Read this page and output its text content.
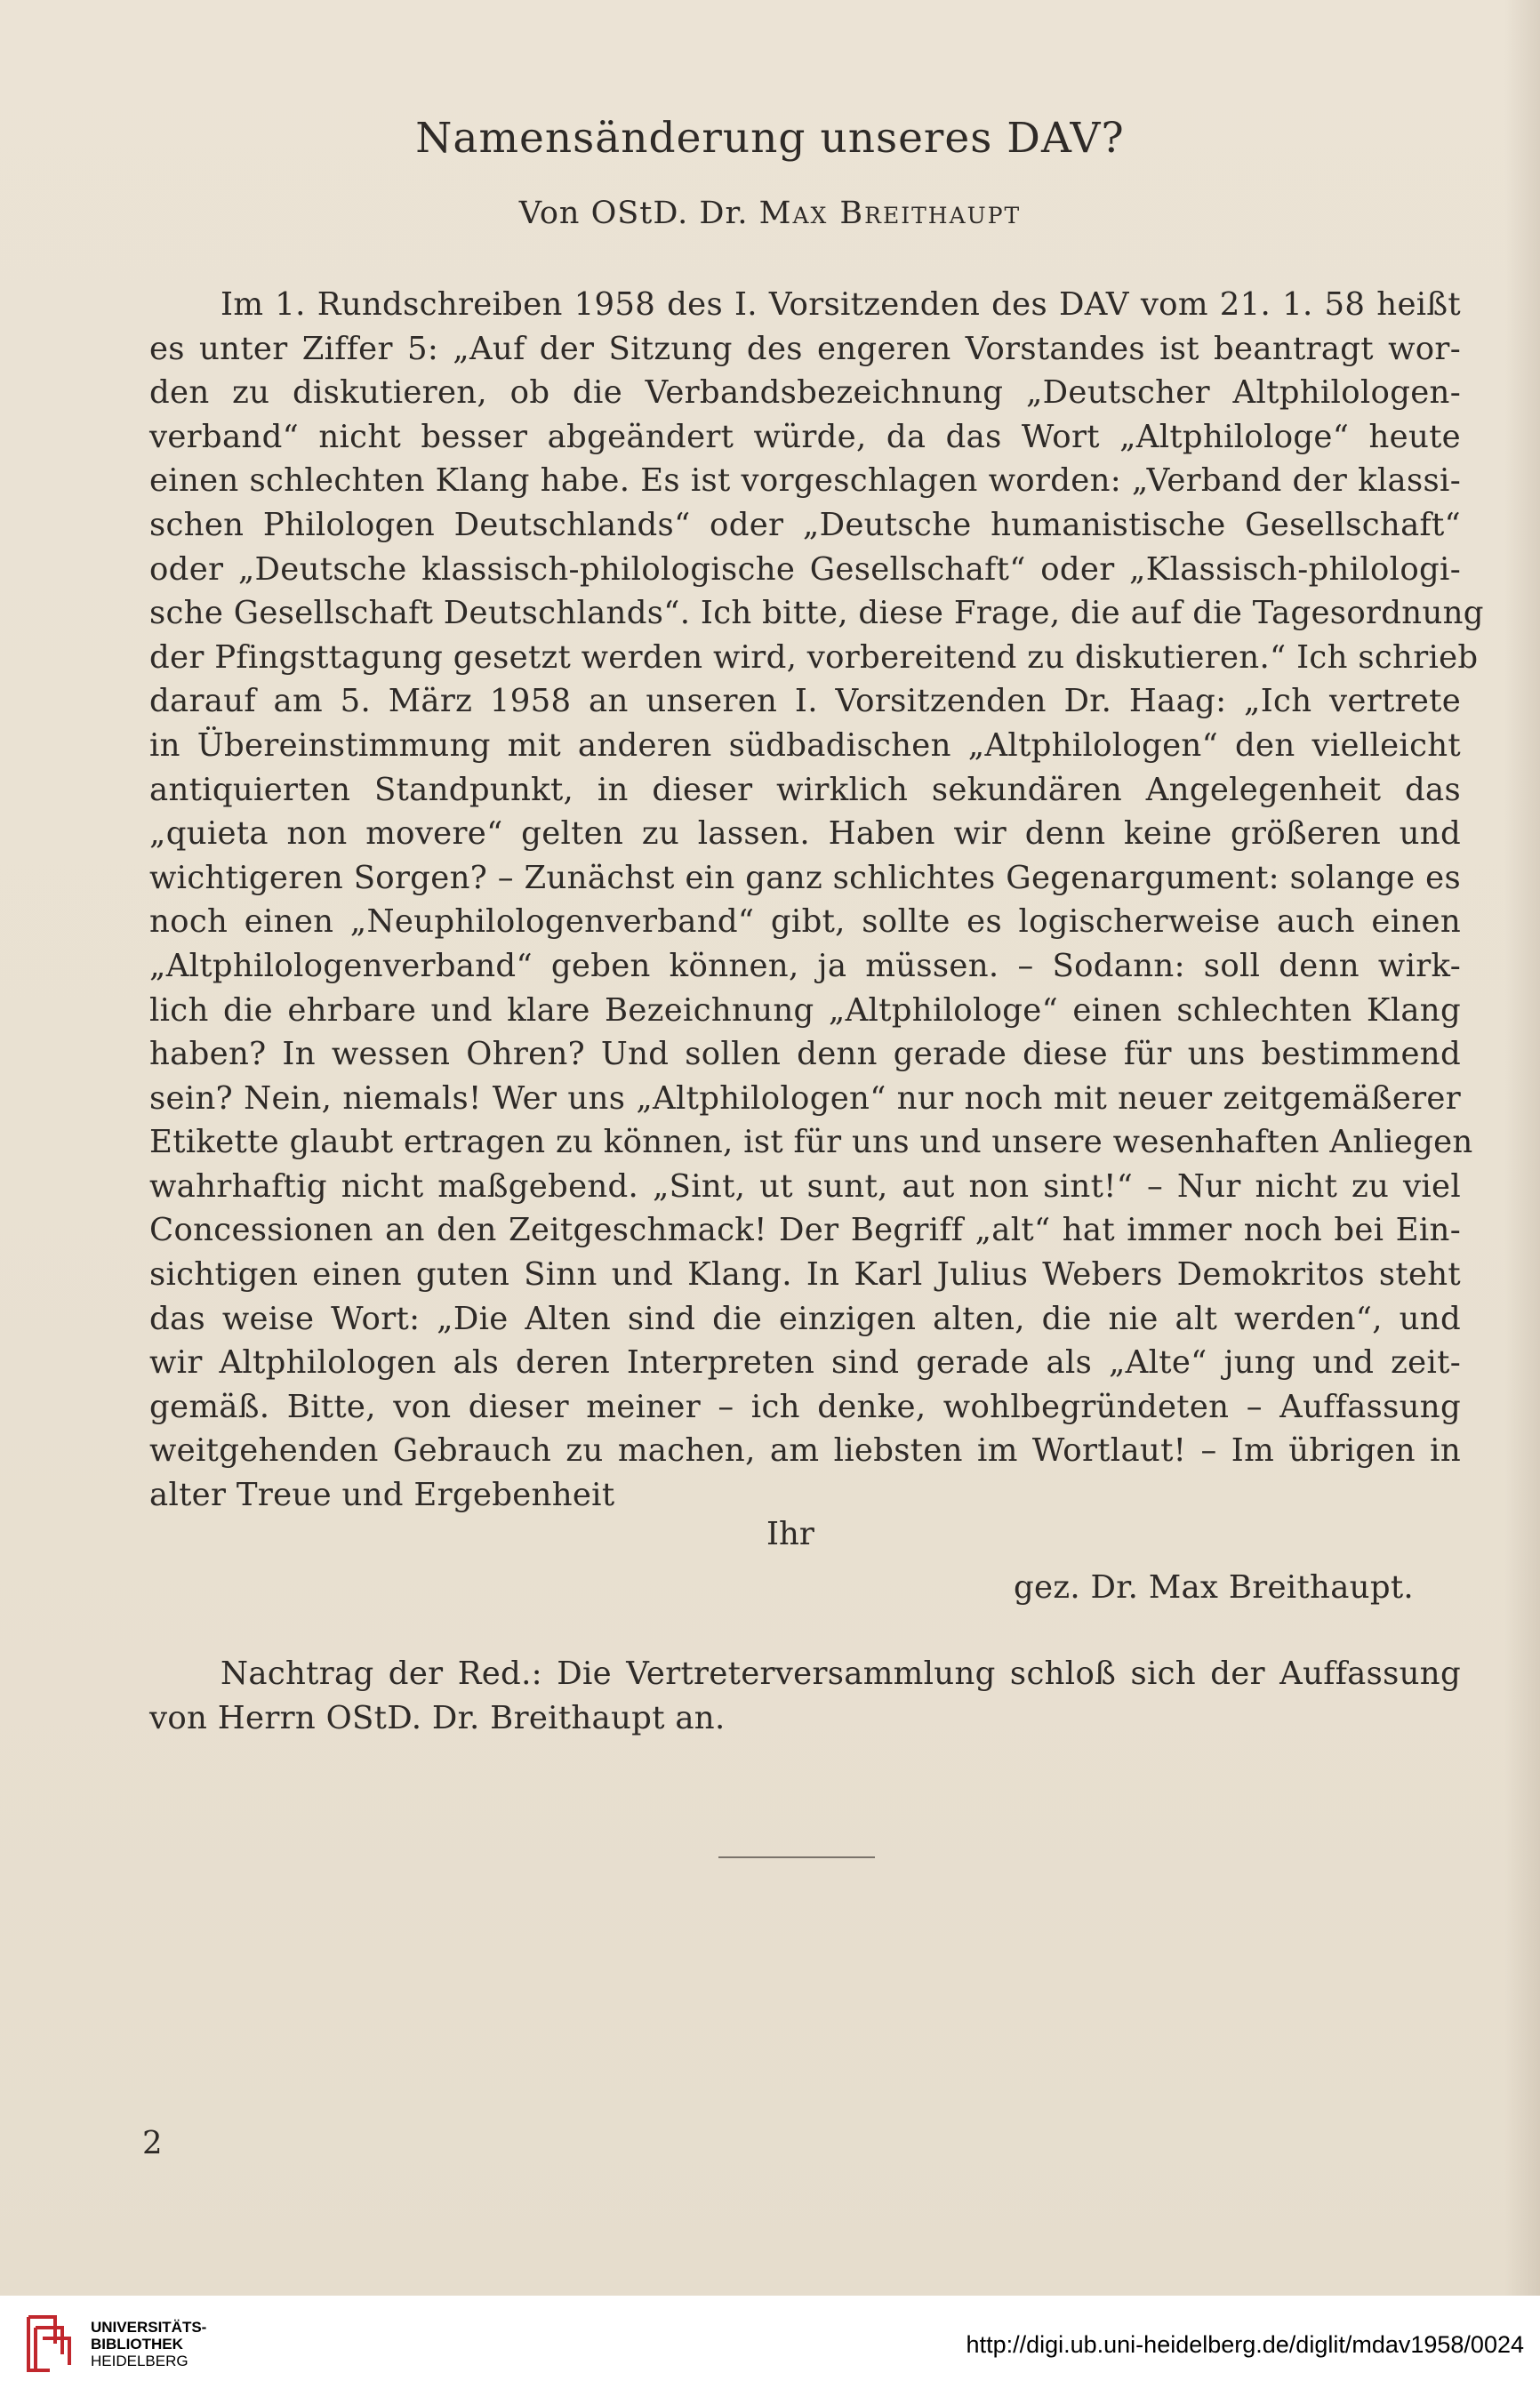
Namensänderung unseres DAV?
Von OStD. Dr. Max Breithaupt
Im 1. Rundschreiben 1958 des I. Vorsitzenden des DAV vom 21. 1. 58 heißt
es unter Ziffer 5: „Auf der Sitzung des engeren Vorstandes ist beantragt wor-
den zu diskutieren, ob die Verbandsbezeichnung „Deutscher Altphilologen-
verband“ nicht besser abgeändert würde, da das Wort „Altphilologe“ heute
einen schlechten Klang habe. Es ist vorgeschlagen worden: „Verband der klassi-
schen Philologen Deutschlands“ oder „Deutsche humanistische Gesellschaft“
oder „Deutsche klassisch-philologische Gesellschaft“ oder „Klassisch-philologi-
sche Gesellschaft Deutschlands“. Ich bitte, diese Frage, die auf die Tagesordnung
der Pfingsttagung gesetzt werden wird, vorbereitend zu diskutieren.“ Ich schrieb
darauf am 5. März 1958 an unseren I. Vorsitzenden Dr. Haag: „Ich vertrete
in Übereinstimmung mit anderen südbadischen „Altphilologen“ den vielleicht
antiquierten Standpunkt, in dieser wirklich sekundären Angelegenheit das
„quieta non movere“ gelten zu lassen. Haben wir denn keine größeren und
wichtigeren Sorgen? – Zunächst ein ganz schlichtes Gegenargument: solange es
noch einen „Neuphilologenverband“ gibt, sollte es logischerweise auch einen
„Altphilologenverband“ geben können, ja müssen. – Sodann: soll denn wirk-
lich die ehrbare und klare Bezeichnung „Altphilologe“ einen schlechten Klang
haben? In wessen Ohren? Und sollen denn gerade diese für uns bestimmend
sein? Nein, niemals! Wer uns „Altphilologen“ nur noch mit neuer zeitgemäßerer
Etikette glaubt ertragen zu können, ist für uns und unsere wesenhaften Anliegen
wahrhaftig nicht maßgebend. „Sint, ut sunt, aut non sint!“ – Nur nicht zu viel
Concessionen an den Zeitgeschmack! Der Begriff „alt“ hat immer noch bei Ein-
sichtigen einen guten Sinn und Klang. In Karl Julius Webers Demokritos steht
das weise Wort: „Die Alten sind die einzigen alten, die nie alt werden“, und
wir Altphilologen als deren Interpreten sind gerade als „Alte“ jung und zeit-
gemäß. Bitte, von dieser meiner – ich denke, wohlbegründeten – Auffassung
weitgehenden Gebrauch zu machen, am liebsten im Wortlaut! – Im übrigen in
alter Treue und Ergebenheit
Ihr
gez. Dr. Max Breithaupt.
Nachtrag der Red.: Die Vertreterversammlung schloß sich der Auffassung
von Herrn OStD. Dr. Breithaupt an.
2
UNIVERSITÄTS-
BIBLIOTHEK
HEIDELBERG
http://digi.ub.uni-heidelberg.de/diglit/mdav1958/0024
